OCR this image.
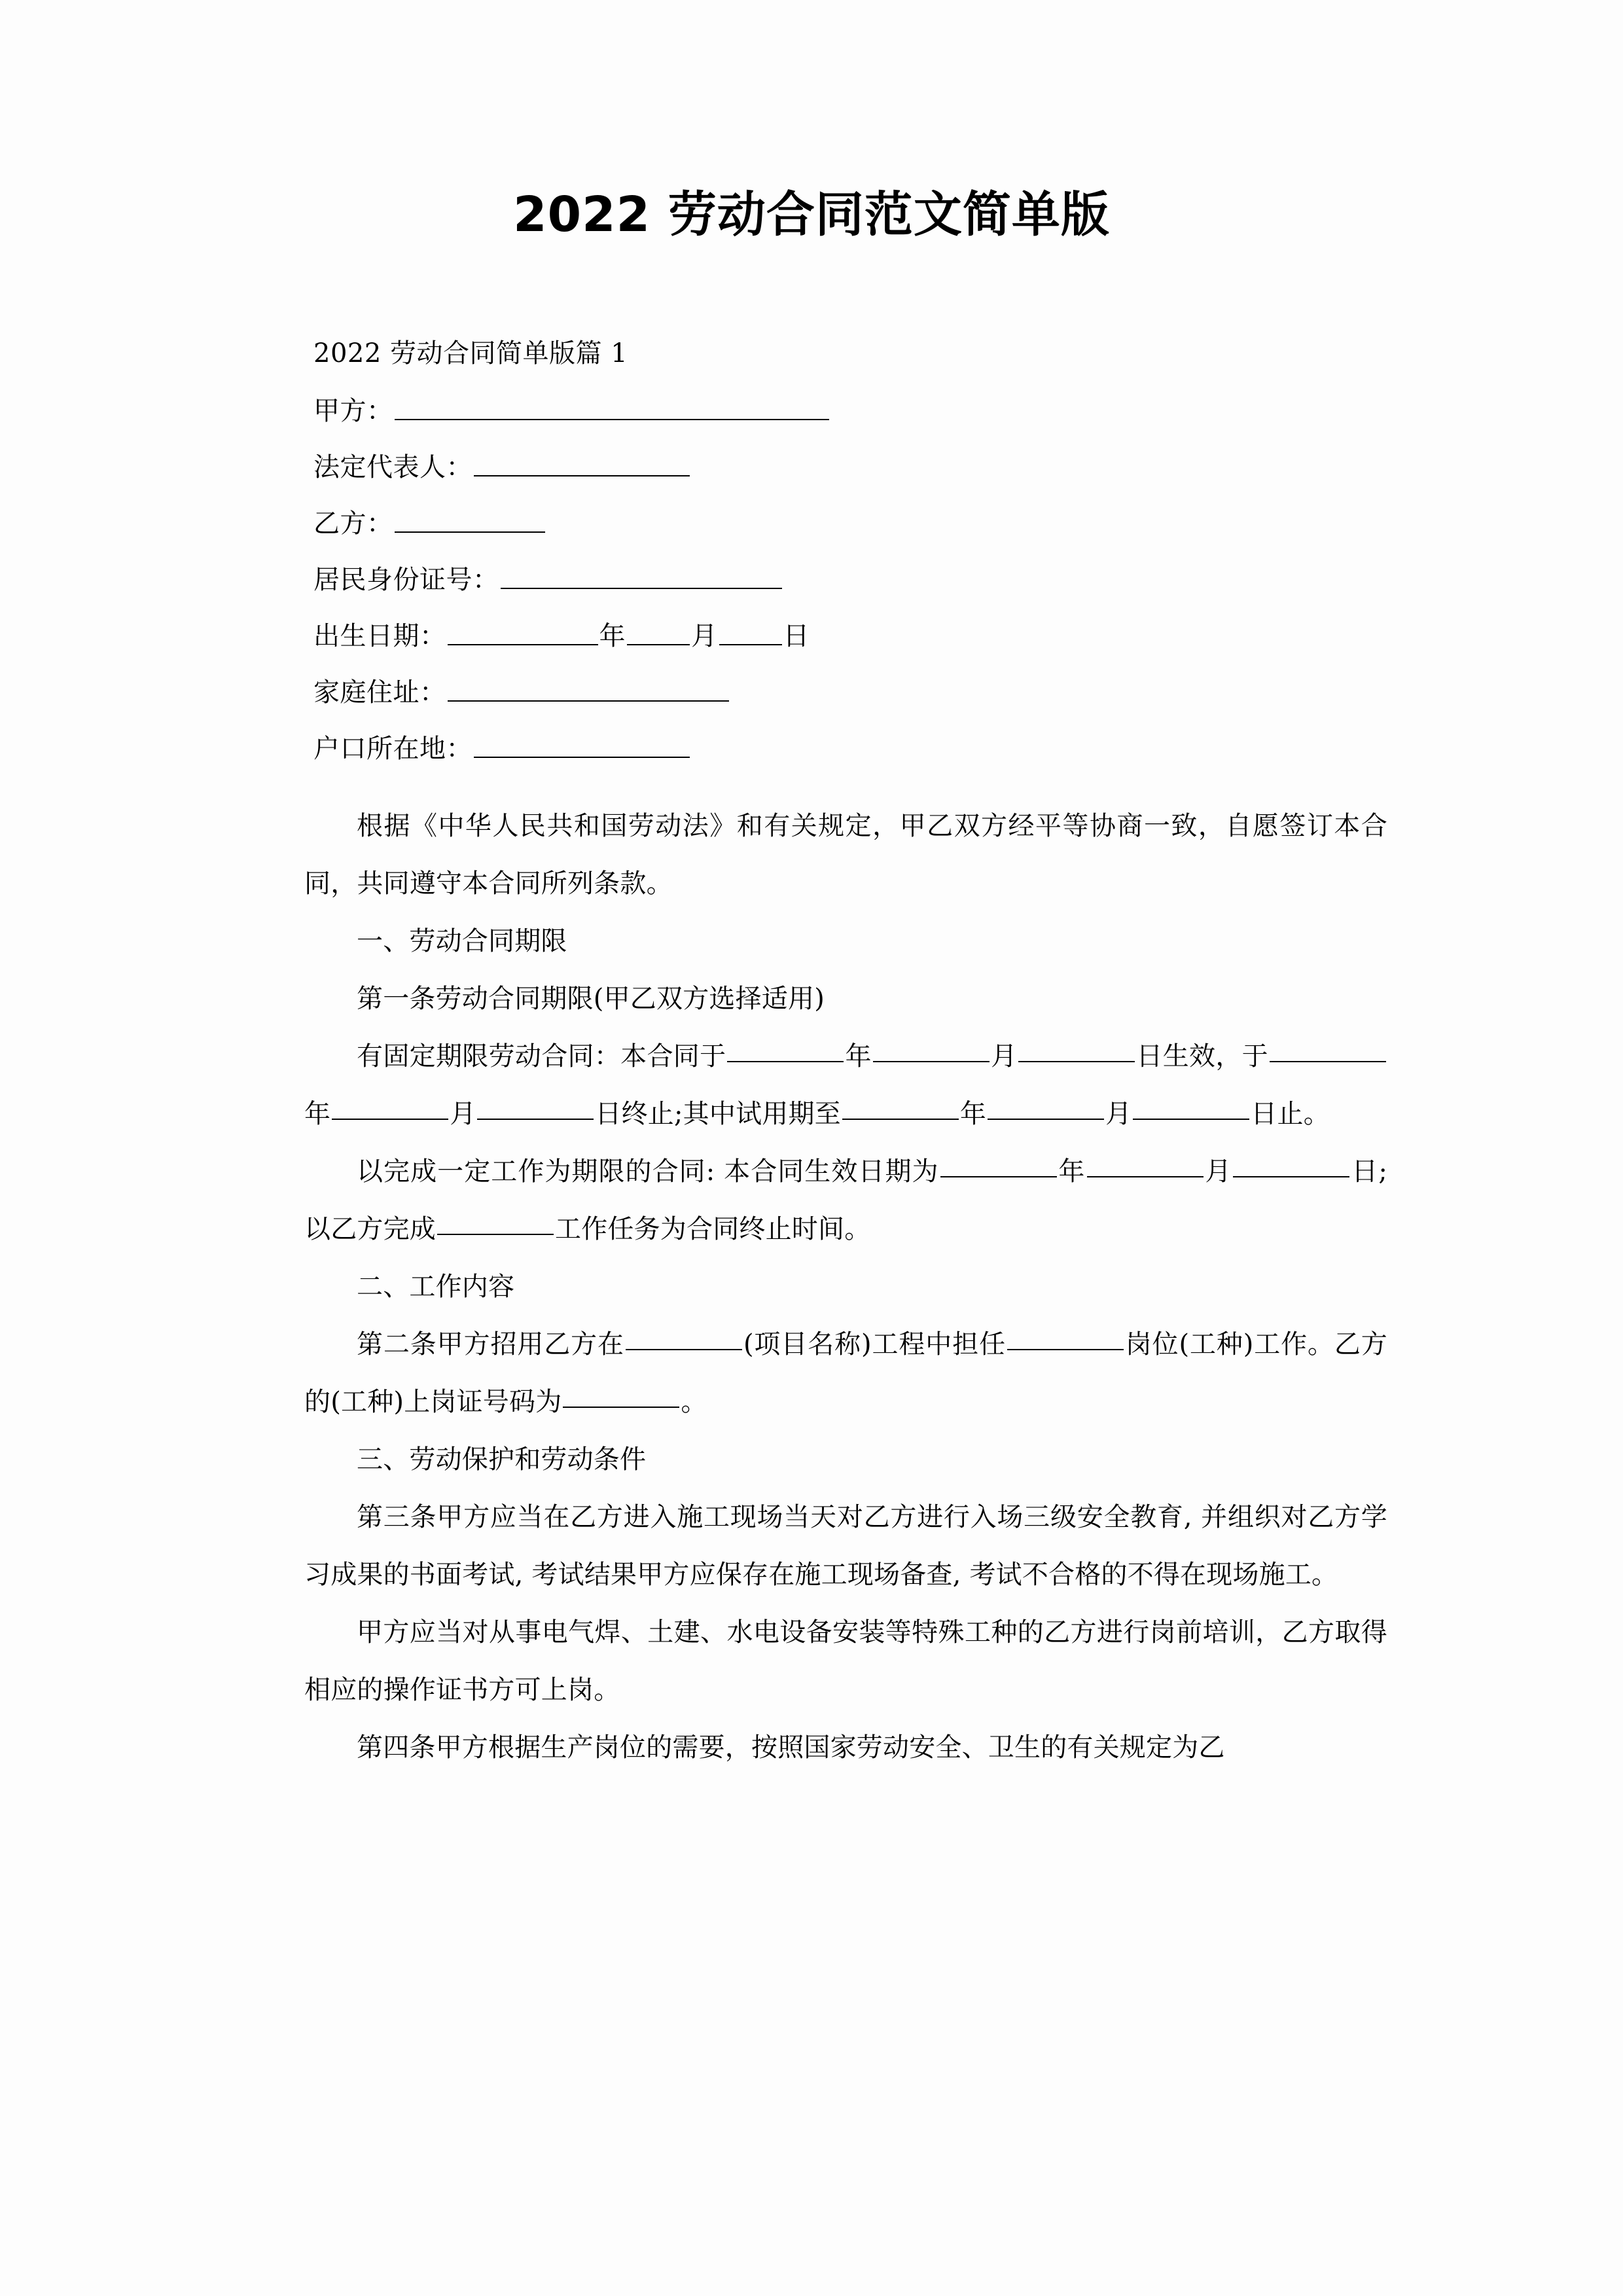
2022 劳动合同范文简单版
2022 劳动合同简单版篇 1
甲方：
法定代表人：
乙方：
居民身份证号：
出生日期：	年	月	日
家庭住址：
户口所在地：

根据《中华人民共和国劳动法》和有关规定，甲乙双方经平等协商一致，自愿签订本合同，共同遵守本合同所列条款。

一、劳动合同期限

第一条劳动合同期限(甲乙双方选择适用)

有固定期限劳动合同：本合同于	年	月	日生效，于年	月	日终止;其中试用期至	年	月	日止。

以完成一定工作为期限的合同: 本合同生效日期为	年	月	日;以乙方完成	工作任务为合同终止时间。

二、工作内容

第二条甲方招用乙方在	(项目名称)工程中担任	岗位(工种)工作。乙方的(工种)上岗证号码为	。

三、劳动保护和劳动条件

第三条甲方应当在乙方进入施工现场当天对乙方进行入场三级安全教育, 并组织对乙方学习成果的书面考试, 考试结果甲方应保存在施工现场备查, 考试不合格的不得在现场施工。

甲方应当对从事电气焊、土建、水电设备安装等特殊工种的乙方进行岗前培训，乙方取得相应的操作证书方可上岗。

第四条甲方根据生产岗位的需要，按照国家劳动安全、卫生的有关规定为乙
